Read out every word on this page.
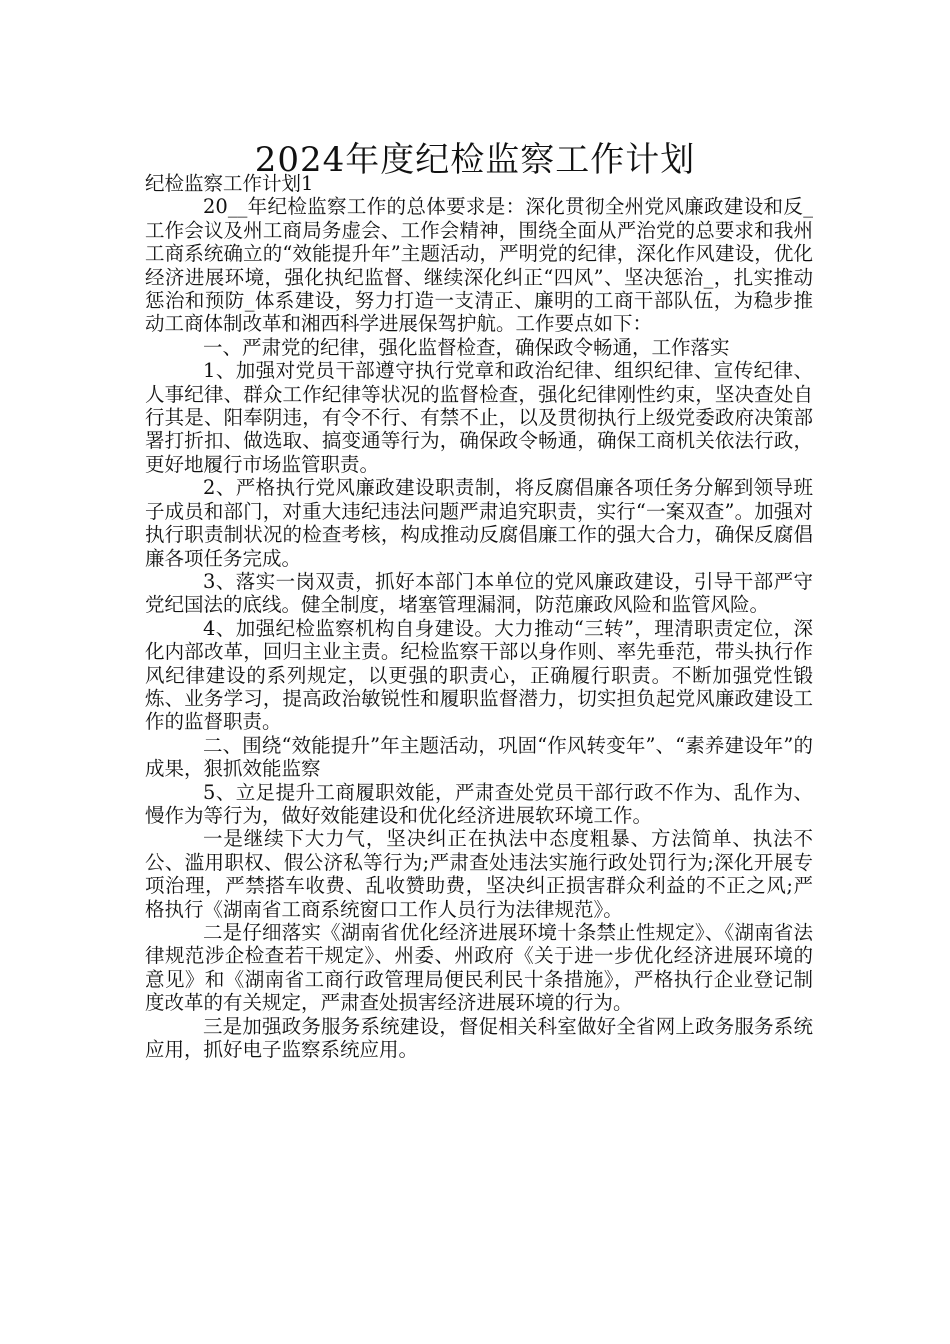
2024年度纪检监察工作计划

纪检监察工作计划1

20__年纪检监察工作的总体要求是：深化贯彻全州党风廉政建设和反_工作会议及州工商局务虚会、工作会精神，围绕全面从严治党的总要求和我州工商系统确立的“效能提升年”主题活动，严明党的纪律，深化作风建设，优化经济进展环境，强化执纪监督、继续深化纠正“四风”、坚决惩治_，扎实推动惩治和预防_体系建设，努力打造一支清正、廉明的工商干部队伍，为稳步推动工商体制改革和湘西科学进展保驾护航。工作要点如下：

一、严肃党的纪律，强化监督检查，确保政令畅通，工作落实

1、加强对党员干部遵守执行党章和政治纪律、组织纪律、宣传纪律、人事纪律、群众工作纪律等状况的监督检查，强化纪律刚性约束，坚决查处自行其是、阳奉阴违，有令不行、有禁不止，以及贯彻执行上级党委政府决策部署打折扣、做选取、搞变通等行为，确保政令畅通，确保工商机关依法行政，更好地履行市场监管职责。

2、严格执行党风廉政建设职责制，将反腐倡廉各项任务分解到领导班子成员和部门，对重大违纪违法问题严肃追究职责，实行“一案双查”。加强对执行职责制状况的检查考核，构成推动反腐倡廉工作的强大合力，确保反腐倡廉各项任务完成。

3、落实一岗双责，抓好本部门本单位的党风廉政建设，引导干部严守党纪国法的底线。健全制度，堵塞管理漏洞，防范廉政风险和监管风险。

4、加强纪检监察机构自身建设。大力推动“三转”，理清职责定位，深化内部改革，回归主业主责。纪检监察干部以身作则、率先垂范，带头执行作风纪律建设的系列规定，以更强的职责心，正确履行职责。不断加强党性锻炼、业务学习，提高政治敏锐性和履职监督潜力，切实担负起党风廉政建设工作的监督职责。

二、围绕“效能提升”年主题活动，巩固“作风转变年”、“素养建设年”的成果，狠抓效能监察

5、立足提升工商履职效能，严肃查处党员干部行政不作为、乱作为、慢作为等行为，做好效能建设和优化经济进展软环境工作。

一是继续下大力气，坚决纠正在执法中态度粗暴、方法简单、执法不公、滥用职权、假公济私等行为;严肃查处违法实施行政处罚行为;深化开展专项治理，严禁搭车收费、乱收赞助费，坚决纠正损害群众利益的不正之风;严格执行《湖南省工商系统窗口工作人员行为法律规范》。

二是仔细落实《湖南省优化经济进展环境十条禁止性规定》、《湖南省法律规范涉企检查若干规定》、州委、州政府《关于进一步优化经济进展环境的意见》和《湖南省工商行政管理局便民利民十条措施》，严格执行企业登记制度改革的有关规定，严肃查处损害经济进展环境的行为。

三是加强政务服务系统建设，督促相关科室做好全省网上政务服务系统应用，抓好电子监察系统应用。
